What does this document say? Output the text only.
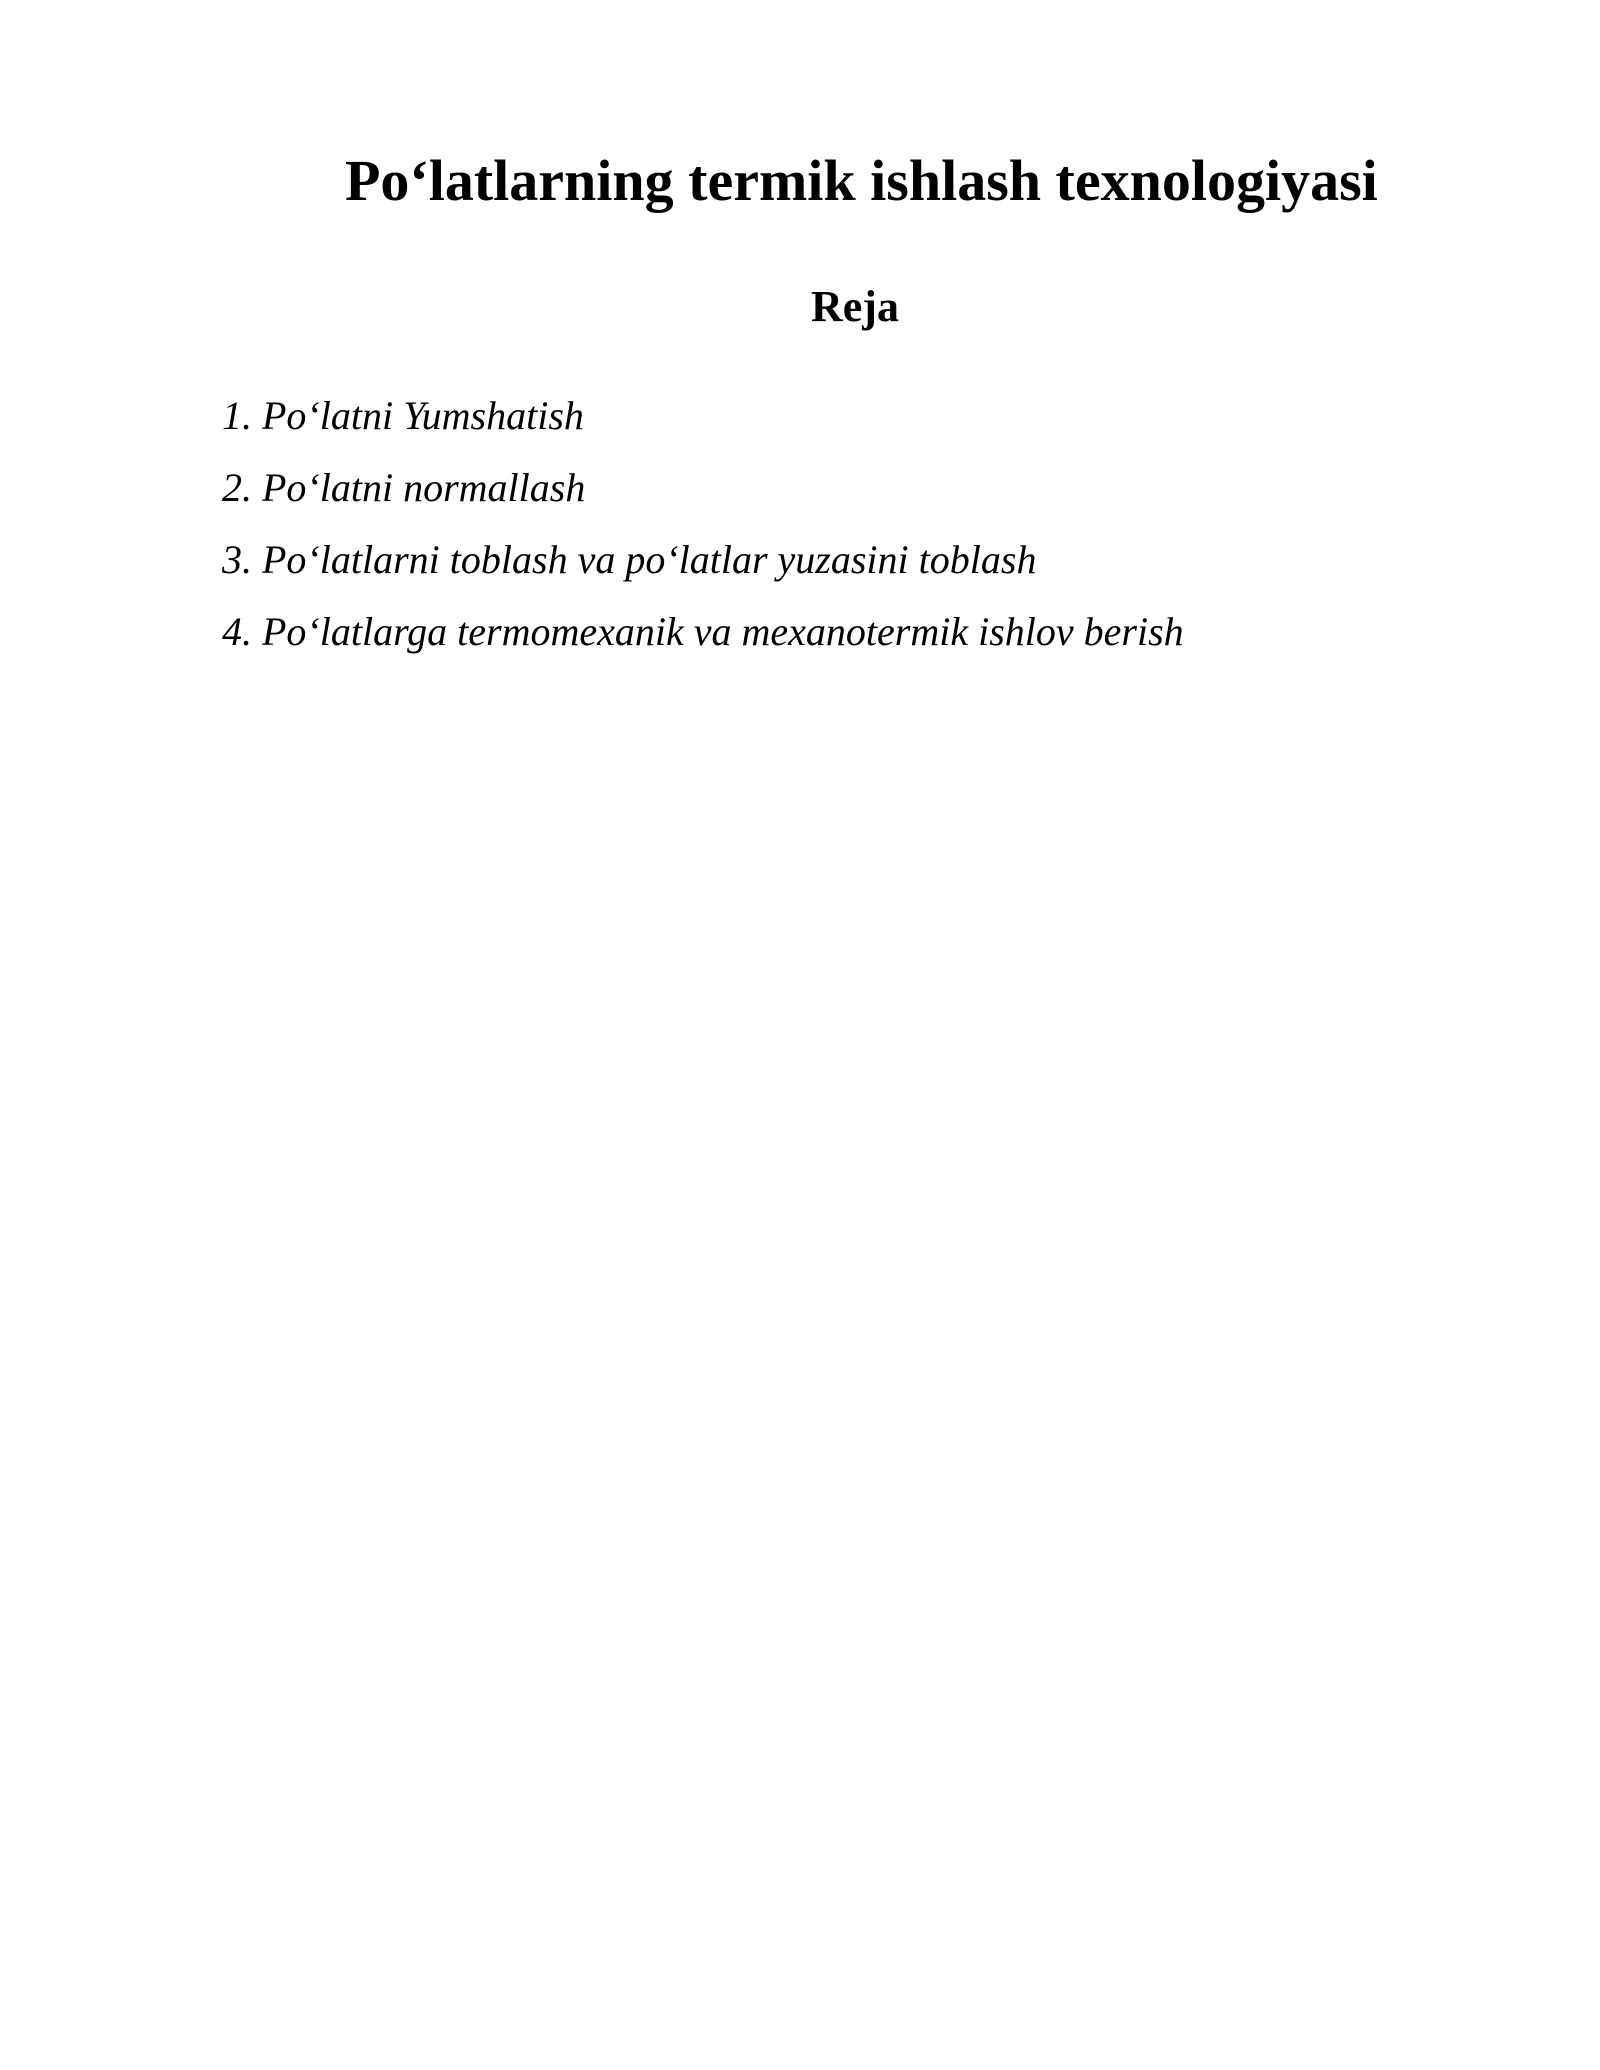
Po‘latlarning termik ishlash texnologiyasi
Reja
1. Po‘latni Yumshatish
2. Po‘latni normallash
3. Po‘latlarni toblash va po‘latlar yuzasini toblash
4. Po‘latlarga termomexanik va mexanotermik ishlov berish
